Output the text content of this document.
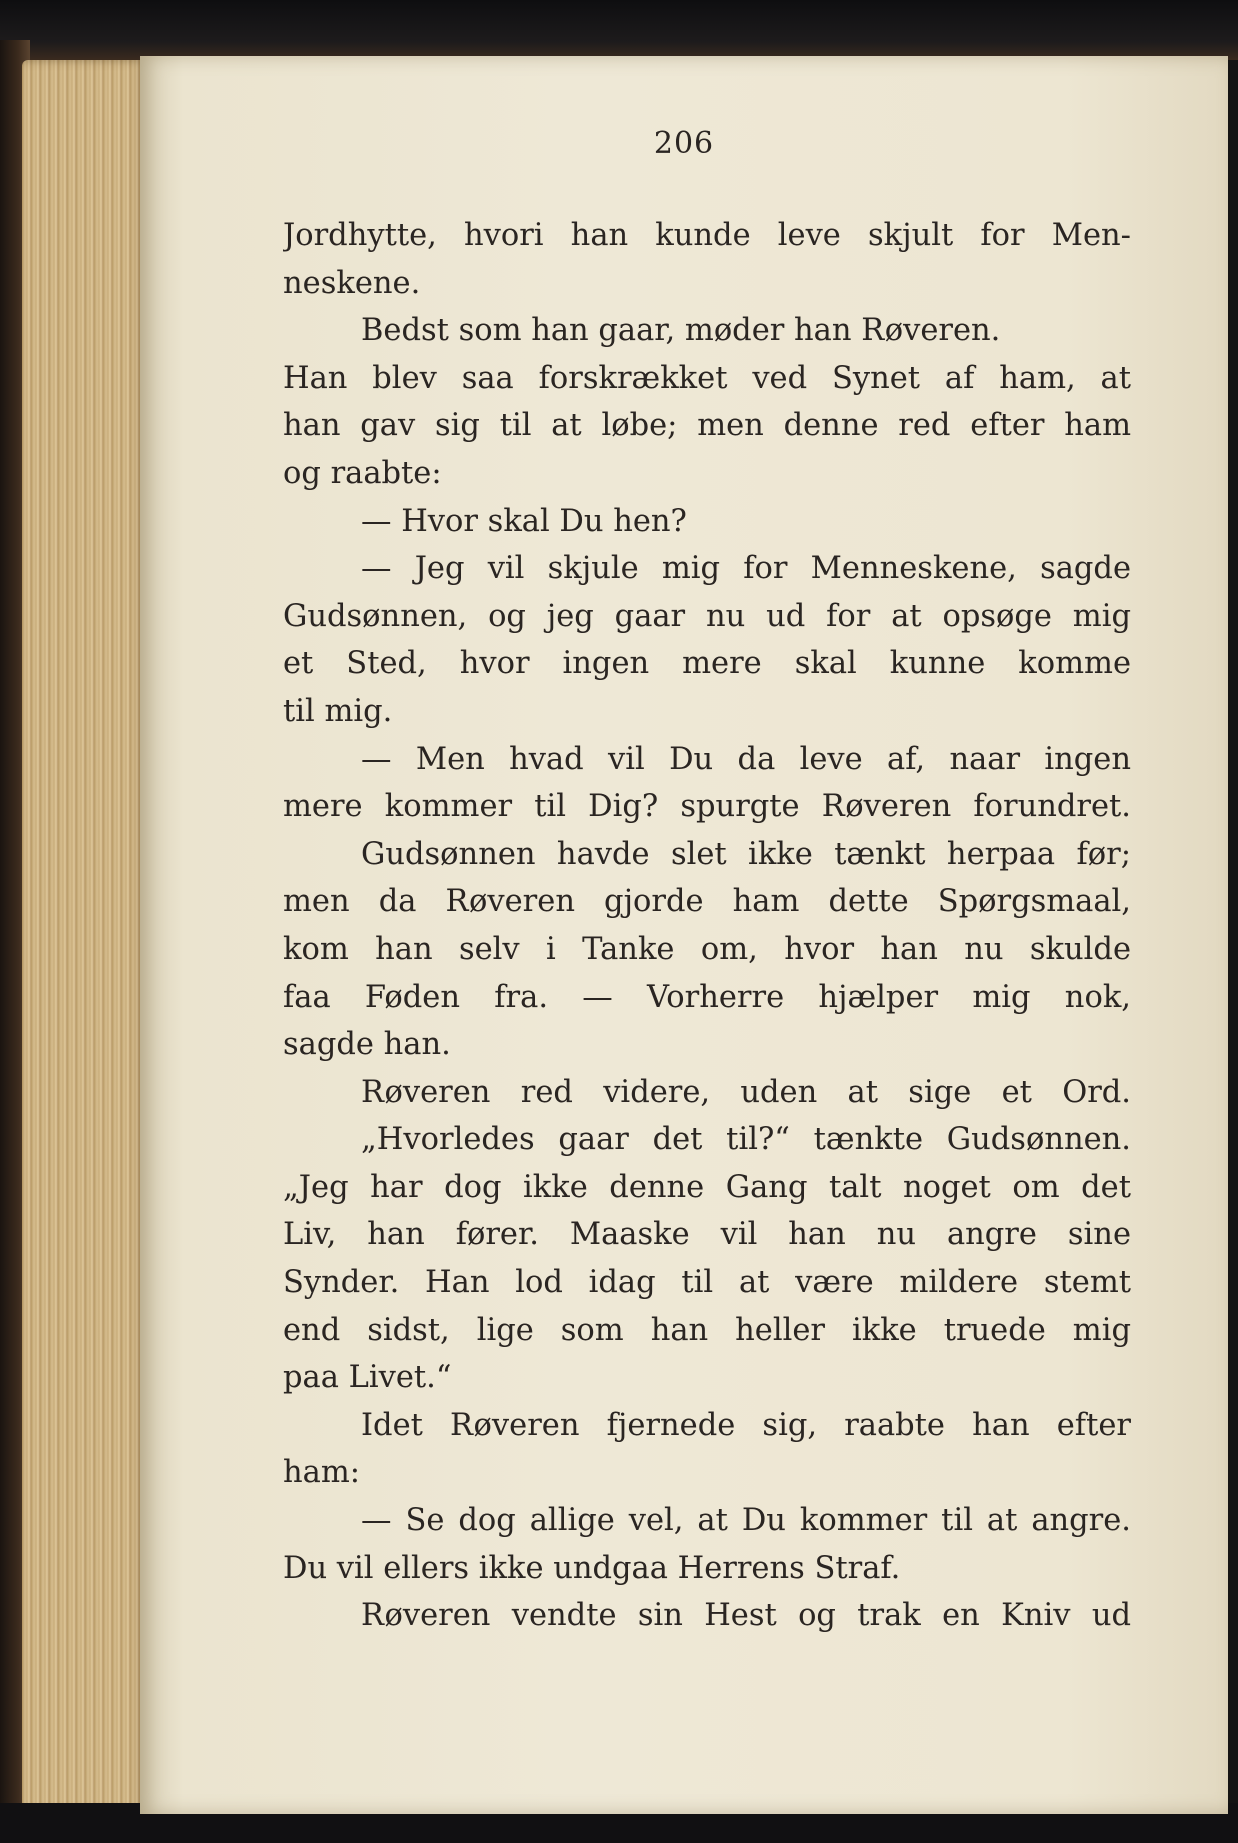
206
Jordhytte, hvori han kunde leve skjult for Men-
neskene.
Bedst som han gaar, møder han Røveren.
Han blev saa forskrækket ved Synet af ham, at
han gav sig til at løbe; men denne red efter ham
og raabte:
— Hvor skal Du hen?
— Jeg vil skjule mig for Menneskene, sagde
Gudsønnen, og jeg gaar nu ud for at opsøge mig
et Sted, hvor ingen mere skal kunne komme
til mig.
— Men hvad vil Du da leve af, naar ingen
mere kommer til Dig? spurgte Røveren forundret.
Gudsønnen havde slet ikke tænkt herpaa før;
men da Røveren gjorde ham dette Spørgsmaal,
kom han selv i Tanke om, hvor han nu skulde
faa Føden fra. — Vorherre hjælper mig nok,
sagde han.
Røveren red videre, uden at sige et Ord.
„Hvorledes gaar det til?“ tænkte Gudsønnen.
„Jeg har dog ikke denne Gang talt noget om det
Liv, han fører. Maaske vil han nu angre sine
Synder. Han lod idag til at være mildere stemt
end sidst, lige som han heller ikke truede mig
paa Livet.“
Idet Røveren fjernede sig, raabte han efter
ham:
— Se dog allige vel, at Du kommer til at angre.
Du vil ellers ikke undgaa Herrens Straf.
Røveren vendte sin Hest og trak en Kniv ud
